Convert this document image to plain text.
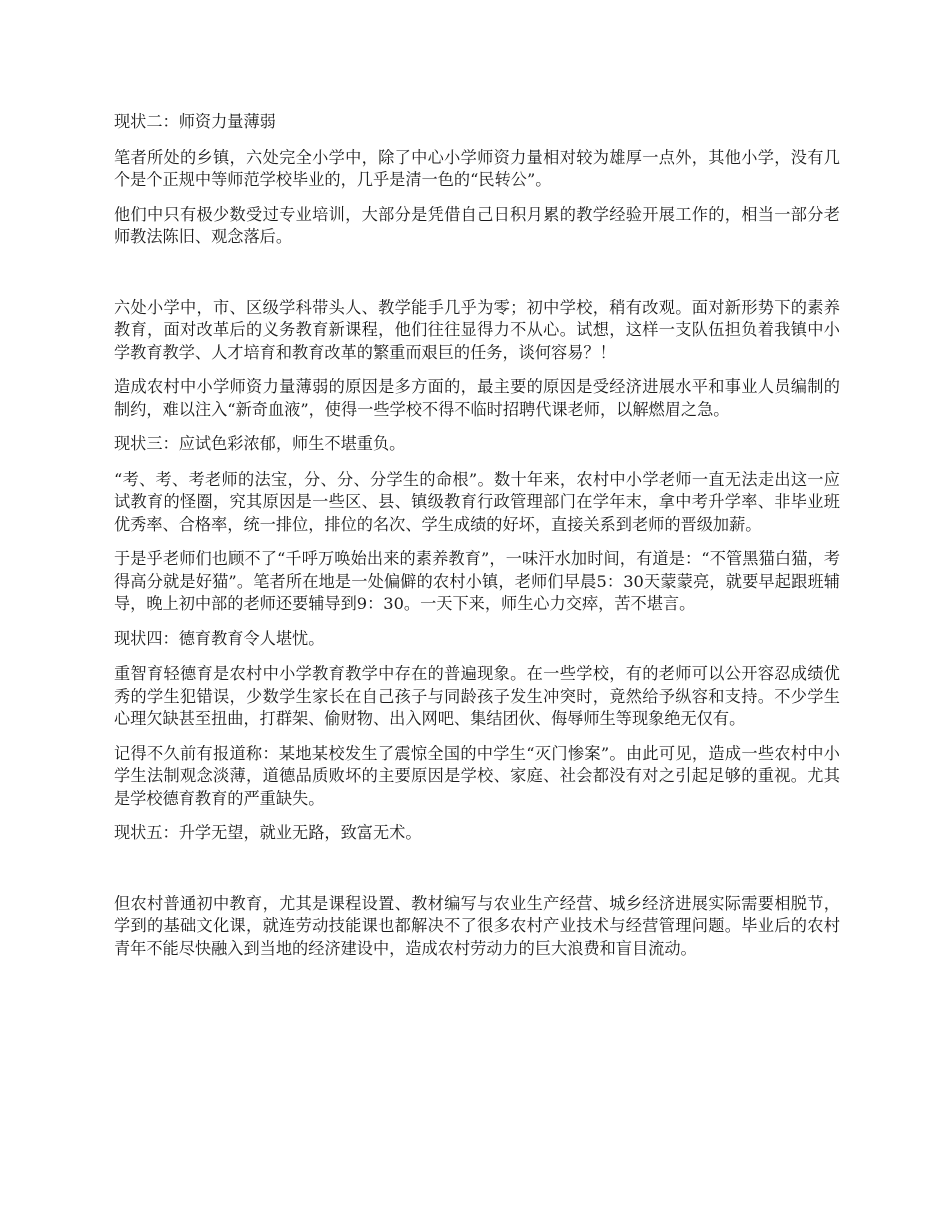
现状二：师资力量薄弱

笔者所处的乡镇，六处完全小学中，除了中心小学师资力量相对较为雄厚一点外，其他小学，没有几个是个正规中等师范学校毕业的，几乎是清一色的“民转公”。

他们中只有极少数受过专业培训，大部分是凭借自己日积月累的教学经验开展工作的，相当一部分老师教法陈旧、观念落后。

六处小学中，市、区级学科带头人、教学能手几乎为零；初中学校，稍有改观。面对新形势下的素养教育，面对改革后的义务教育新课程，他们往往显得力不从心。试想，这样一支队伍担负着我镇中小学教育教学、人才培育和教育改革的繁重而艰巨的任务，谈何容易？！

造成农村中小学师资力量薄弱的原因是多方面的，最主要的原因是受经济进展水平和事业人员编制的制约，难以注入“新奇血液”，使得一些学校不得不临时招聘代课老师，以解燃眉之急。

现状三：应试色彩浓郁，师生不堪重负。

“考、考、考老师的法宝，分、分、分学生的命根”。数十年来，农村中小学老师一直无法走出这一应试教育的怪圈，究其原因是一些区、县、镇级教育行政管理部门在学年末，拿中考升学率、非毕业班优秀率、合格率，统一排位，排位的名次、学生成绩的好坏，直接关系到老师的晋级加薪。

于是乎老师们也顾不了“千呼万唤始出来的素养教育”，一味汗水加时间，有道是：“不管黑猫白猫，考得高分就是好猫”。笔者所在地是一处偏僻的农村小镇，老师们早晨5：30天蒙蒙亮，就要早起跟班辅导，晚上初中部的老师还要辅导到9：30。一天下来，师生心力交瘁，苦不堪言。

现状四：德育教育令人堪忧。

重智育轻德育是农村中小学教育教学中存在的普遍现象。在一些学校，有的老师可以公开容忍成绩优秀的学生犯错误，少数学生家长在自己孩子与同龄孩子发生冲突时，竟然给予纵容和支持。不少学生心理欠缺甚至扭曲，打群架、偷财物、出入网吧、集结团伙、侮辱师生等现象绝无仅有。

记得不久前有报道称：某地某校发生了震惊全国的中学生“灭门惨案”。由此可见，造成一些农村中小学生法制观念淡薄，道德品质败坏的主要原因是学校、家庭、社会都没有对之引起足够的重视。尤其是学校德育教育的严重缺失。

现状五：升学无望，就业无路，致富无术。

但农村普通初中教育，尤其是课程设置、教材编写与农业生产经营、城乡经济进展实际需要相脱节，学到的基础文化课，就连劳动技能课也都解决不了很多农村产业技术与经营管理问题。毕业后的农村青年不能尽快融入到当地的经济建设中，造成农村劳动力的巨大浪费和盲目流动。
